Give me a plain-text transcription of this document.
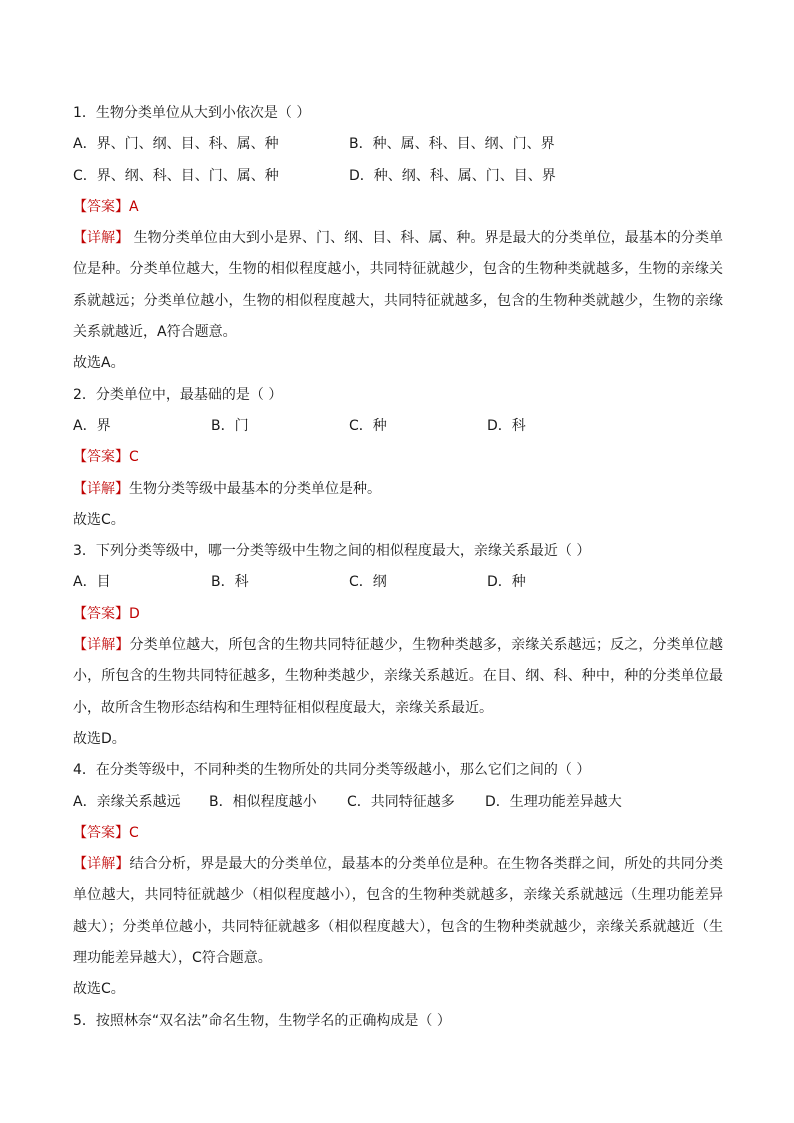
1．生物分类单位从大到小依次是（ ）
A．界、门、纲、目、科、属、种	B．种、属、科、目、纲、门、界
C．界、纲、科、目、门、属、种	D．种、纲、科、属、门、目、界
【答案】A
【详解】 生物分类单位由大到小是界、门、纲、目、科、属、种。界是最大的分类单位，最基本的分类单位是种。分类单位越大，生物的相似程度越小，共同特征就越少，包含的生物种类就越多，生物的亲缘关系就越远；分类单位越小，生物的相似程度越大，共同特征就越多，包含的生物种类就越少，生物的亲缘关系就越近，A符合题意。
故选A。
2．分类单位中，最基础的是（ ）
A．界	B．门	C．种	D．科
【答案】C
【详解】生物分类等级中最基本的分类单位是种。
故选C。
3．下列分类等级中，哪一分类等级中生物之间的相似程度最大，亲缘关系最近（ ）
A．目	B．科	C．纲	D．种
【答案】D
【详解】分类单位越大，所包含的生物共同特征越少，生物种类越多，亲缘关系越远；反之，分类单位越小，所包含的生物共同特征越多，生物种类越少，亲缘关系越近。在目、纲、科、种中，种的分类单位最小，故所含生物形态结构和生理特征相似程度最大，亲缘关系最近。
故选D。
4．在分类等级中，不同种类的生物所处的共同分类等级越小，那么它们之间的（ ）
A．亲缘关系越远	B．相似程度越小	C．共同特征越多	D．生理功能差异越大
【答案】C
【详解】结合分析，界是最大的分类单位，最基本的分类单位是种。在生物各类群之间，所处的共同分类单位越大，共同特征就越少（相似程度越小），包含的生物种类就越多，亲缘关系就越远（生理功能差异越大）；分类单位越小，共同特征就越多（相似程度越大），包含的生物种类就越少，亲缘关系就越近（生理功能差异越大），C符合题意。
故选C。
5．按照林奈“双名法”命名生物，生物学名的正确构成是（ ）
